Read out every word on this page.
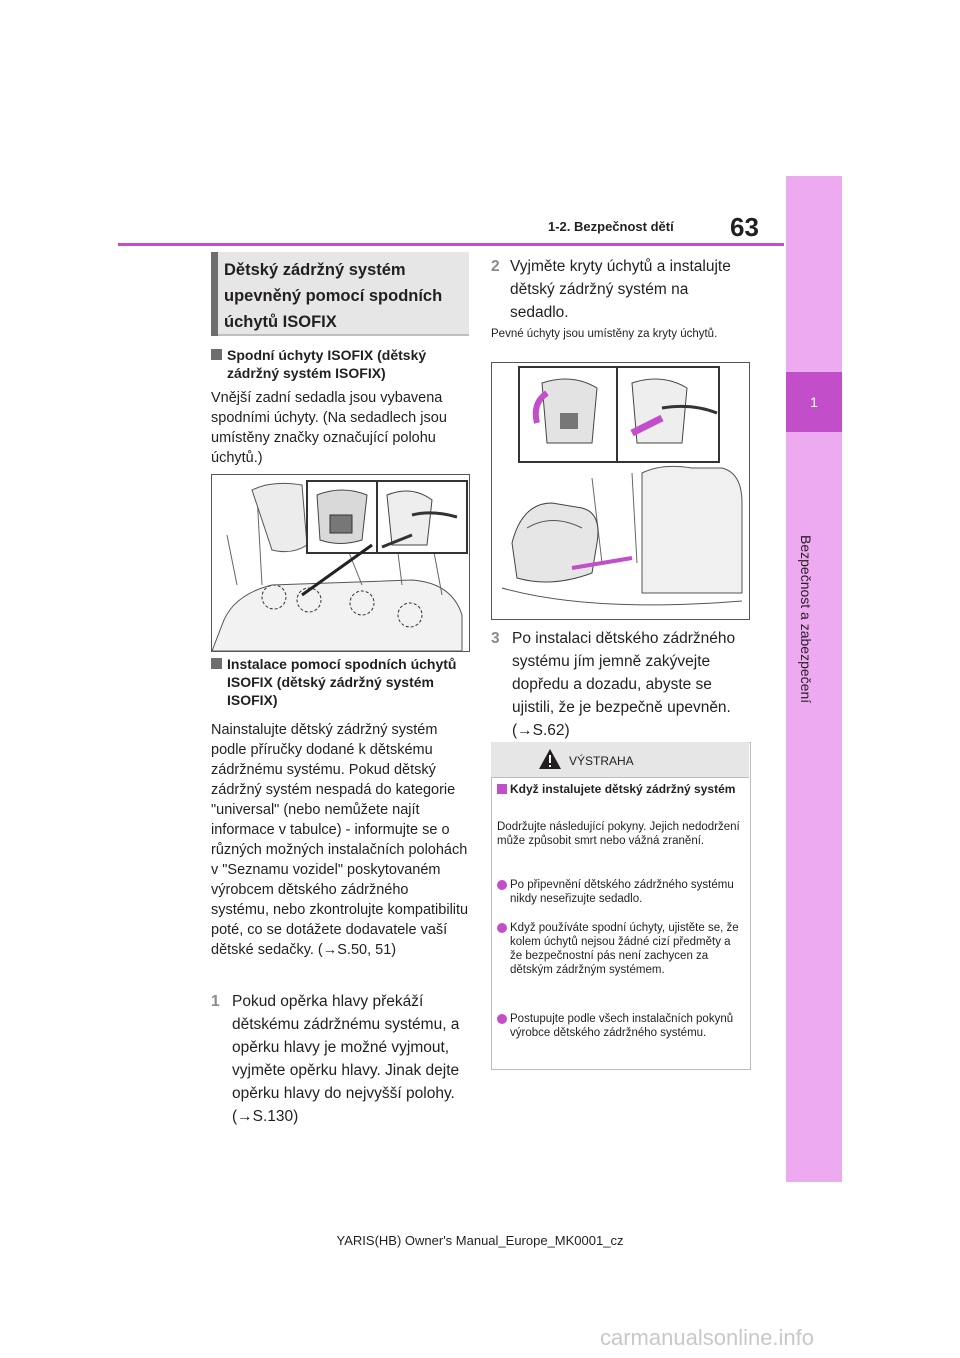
1
Bezpečnost a zabezpečení
63
1-2. Bezpečnost dětí
Dětský zádržný systém upevněný pomocí spodních úchytů ISOFIX
Spodní úchyty ISOFIX (dětský zádržný systém ISOFIX)
Vnější zadní sedadla jsou vybavena spodními úchyty. (Na sedadlech jsou umístěny značky označující polohu úchytů.)
Instalace pomocí spodních úchytů ISOFIX (dětský zádržný systém ISOFIX)
Nainstalujte dětský zádržný systém podle příručky dodané k dětskému zádržnému systému. Pokud dětský zádržný systém nespadá do kategorie "universal" (nebo nemůžete najít informace v tabulce) - informujte se o různých možných instalačních polohách v "Seznamu vozidel" poskytovaném výrobcem dětského zádržného systému, nebo zkontrolujte kompatibilitu poté, co se dotážete dodavatele vaší dětské sedačky. (→S.50, 51)
1 Pokud opěrka hlavy překáží dětskému zádržnému systému, a opěrku hlavy je možné vyjmout, vyjměte opěrku hlavy. Jinak dejte opěrku hlavy do nejvyšší polohy. (→S.130)
2 Vyjměte kryty úchytů a instalujte dětský zádržný systém na sedadlo.
Pevné úchyty jsou umístěny za kryty úchytů.
3 Po instalaci dětského zádržného systému jím jemně zakývejte dopředu a dozadu, abyste se ujistili, že je bezpečně upevněn. (→S.62)
VÝSTRAHA
Když instalujete dětský zádržný systém
Dodržujte následující pokyny. Jejich nedodržení může způsobit smrt nebo vážná zranění.
Po připevnění dětského zádržného systému nikdy neseřizujte sedadlo.
Když používáte spodní úchyty, ujistěte se, že kolem úchytů nejsou žádné cizí předměty a že bezpečnostní pás není zachycen za dětským zádržným systémem.
Postupujte podle všech instalačních pokynů výrobce dětského zádržného systému.
YARIS(HB) Owner's Manual_Europe_MK0001_cz
carmanualsonline.info
